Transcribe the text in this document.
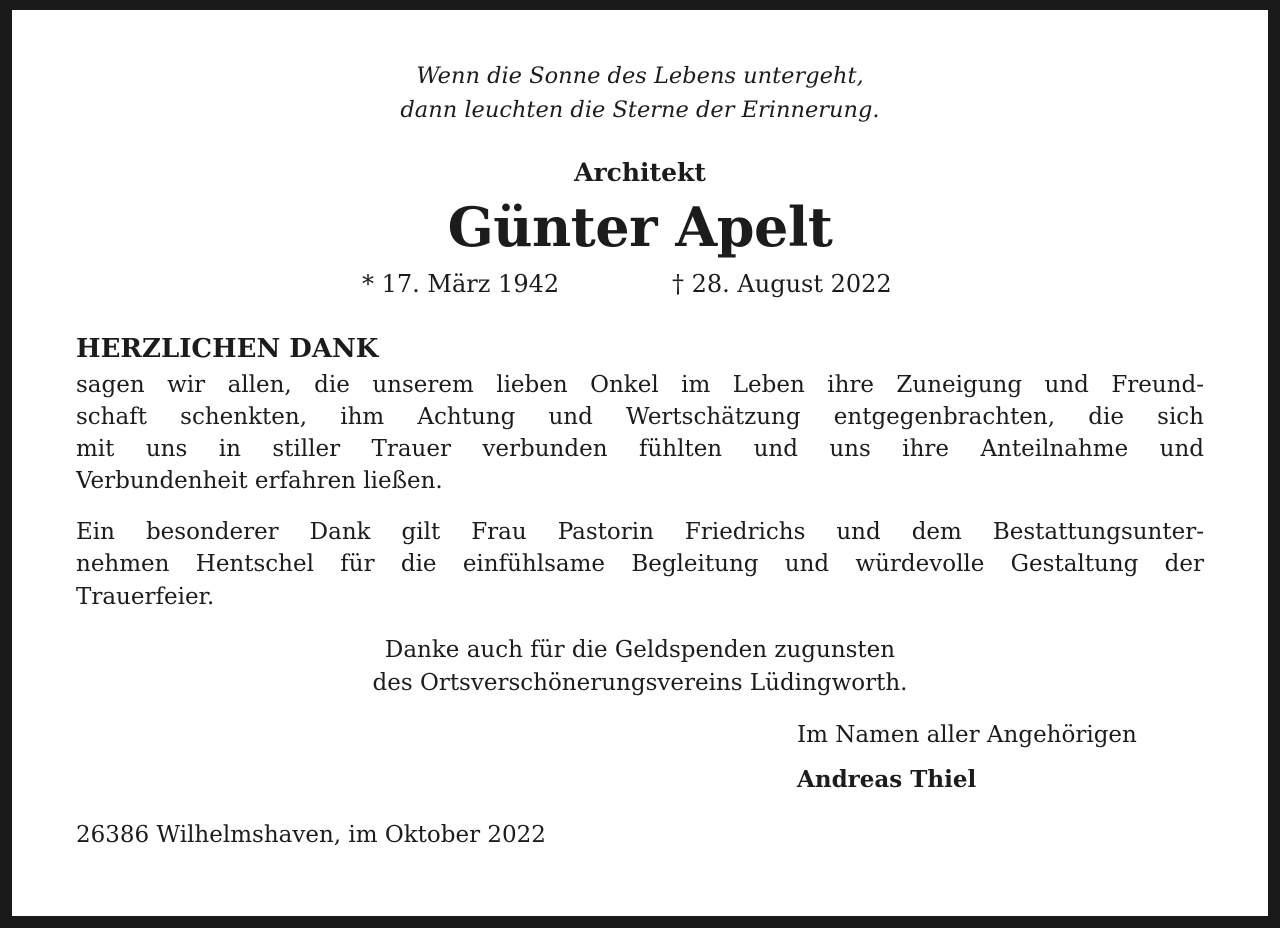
Wenn die Sonne des Lebens untergeht,
dann leuchten die Sterne der Erinnerung.
Architekt
Günter Apelt
* 17. März 1942	† 28. August 2022
HERZLICHEN DANK
sagen wir allen, die unserem lieben Onkel im Leben ihre Zuneigung und Freund-
schaft schenkten, ihm Achtung und Wertschätzung entgegenbrachten, die sich
mit uns in stiller Trauer verbunden fühlten und uns ihre Anteilnahme und
Verbundenheit erfahren ließen.
Ein besonderer Dank gilt Frau Pastorin Friedrichs und dem Bestattungsunter-
nehmen Hentschel für die einfühlsame Begleitung und würdevolle Gestaltung der
Trauerfeier.
Danke auch für die Geldspenden zugunsten
des Ortsverschönerungsvereins Lüdingworth.
Im Namen aller Angehörigen
Andreas Thiel
26386 Wilhelmshaven, im Oktober 2022
